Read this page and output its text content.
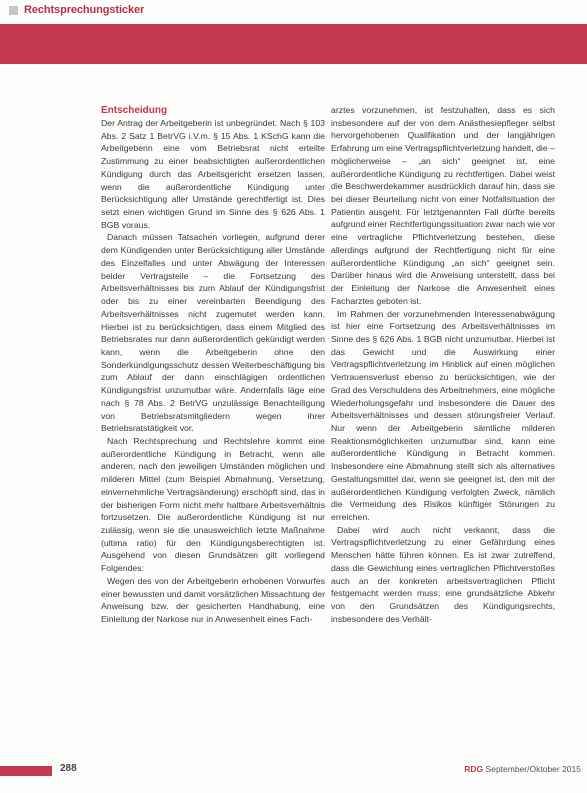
Rechtsprechungsticker
Entscheidung

Der Antrag der Arbeitgeberin ist unbegründet. Nach § 103 Abs. 2 Satz 1 BetrVG i.V.m. § 15 Abs. 1 KSchG kann die Arbeitgeberin eine vom Betriebsrat nicht erteilte Zustimmung zu einer beabsichtigten außerordentlichen Kündigung durch das Arbeitsgericht ersetzen lassen, wenn die außerordentliche Kündigung unter Berücksichtigung aller Umstände gerechtfertigt ist. Dies setzt einen wichtigen Grund im Sinne des § 626 Abs. 1 BGB voraus.

Danach müssen Tatsachen vorliegen, aufgrund derer dem Kündigenden unter Berücksichtigung aller Umstände des Einzelfalles und unter Abwägung der Interessen beider Vertragsteile – die Fortsetzung des Arbeitsverhältnisses bis zum Ablauf der Kündigungsfrist oder bis zu einer vereinbarten Beendigung des Arbeitsverhältnisses nicht zugemutet werden kann. Hierbei ist zu berücksichtigen, dass einem Mitglied des Betriebsrates nur dann außerordentlich gekündigt werden kann, wenn die Arbeitgeberin ohne den Sonderkündigungsschutz dessen Weiterbeschäftigung bis zum Ablauf der dann einschlägigen ordentlichen Kündigungsfrist unzumutbar wäre. Andernfalls läge eine nach § 78 Abs. 2 BetrVG unzulässige Benachteiligung von Betriebsratsmitgliedern wegen ihrer Betriebsratstätigkeit vor.

Nach Rechtsprechung und Rechtslehre kommt eine außerordentliche Kündigung in Betracht, wenn alle anderen, nach den jeweiligen Umständen möglichen und milderen Mittel (zum Beispiel Abmahnung, Versetzung, einvernehmliche Vertragsänderung) erschöpft sind, das in der bisherigen Form nicht mehr haltbare Arbeitsverhältnis fortzusetzen. Die außerordentliche Kündigung ist nur zulässig, wenn sie die unausweichlich letzte Maßnahme (ultima ratio) für den Kündigungsberechtigten ist. Ausgehend von diesen Grundsätzen gilt vorliegend Folgendes:

Wegen des von der Arbeitgeberin erhobenen Vorwurfes einer bewussten und damit vorsätzlichen Missachtung der Anweisung bzw. der gesicherten Handhabung, eine Einleitung der Narkose nur in Anwesenheit eines Fach-

arztes vorzunehmen, ist festzuhalten, dass es sich insbesondere auf der von dem Anästhesiepfleger selbst hervorgehobenen Qualifikation und der langjährigen Erfahrung um eine Vertragspflichtverletzung handelt, die – möglicherweise – „an sich“ geeignet ist, eine außerordentliche Kündigung zu rechtfertigen. Dabei weist die Beschwerdekammer ausdrücklich darauf hin, dass sie bei dieser Beurteilung nicht von einer Notfallsituation der Patientin ausgeht. Für letztgenannten Fall dürfte bereits aufgrund einer Rechtfertigungssituation zwar nach wie vor eine vertragliche Pflichtverletzung bestehen, diese allerdings aufgrund der Rechtfertigung nicht für eine außerordentliche Kündigung „an sich“ geeignet sein. Darüber hinaus wird die Anweisung unterstellt, dass bei der Einleitung der Narkose die Anwesenheit eines Facharztes geboten ist.

Im Rahmen der vorzunehmenden Interessenabwägung ist hier eine Fortsetzung des Arbeitsverhältnisses im Sinne des § 626 Abs. 1 BGB nicht unzumutbar. Hierbei ist das Gewicht und die Auswirkung einer Vertragspflichtverletzung im Hinblick auf einen möglichen Vertrauensverlust ebenso zu berücksichtigen, wie der Grad des Verschuldens des Arbeitnehmers, eine mögliche Wiederholungsgefahr und insbesondere die Dauer des Arbeitsverhältnisses und dessen störungsfreier Verlauf. Nur wenn der Arbeitgeberin sämtliche milderen Reaktionsmöglichkeiten unzumutbar sind, kann eine außerordentliche Kündigung in Betracht kommen. Insbesondere eine Abmahnung stellt sich als alternatives Gestaltungsmittel dar, wenn sie geeignet ist, den mit der außerordentlichen Kündigung verfolgten Zweck, nämlich die Vermeidung des Risikos künftiger Störungen zu erreichen.

Dabei wird auch nicht verkannt, dass die Vertragspflichtverletzung zu einer Gefährdung eines Menschen hätte führen können. Es ist zwar zutreffend, dass die Gewichtung eines vertraglichen Pflichtverstoßes auch an der konkreten arbeitsvertraglichen Pflicht festgemacht werden muss; eine grundsätzliche Abkehr von den Grundsätzen des Kündigungsrechts, insbesondere des Verhält-

288	RDG September/Oktober 2015
